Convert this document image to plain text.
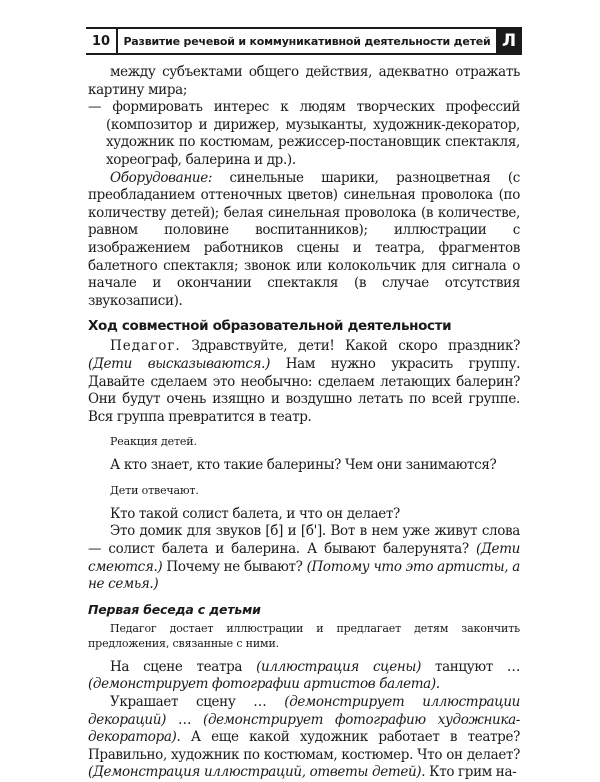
10	Развитие речевой и коммуникативной деятельности детей Л

между субъектами общего действия, адекватно отражать картину мира;

— формировать интерес к людям творческих профессий (композитор и дирижер, музыканты, художник-декоратор, художник по костюмам, режиссер-постановщик спектакля, хореограф, балерина и др.).

Оборудование: синельные шарики, разноцветная (с преобладанием оттеночных цветов) синельная проволока (по количеству детей); белая синельная проволока (в количестве, равном половине воспитанников); иллюстрации с изображением работников сцены и театра, фрагментов балетного спектакля; звонок или колокольчик для сигнала о начале и окончании спектакля (в случае отсутствия звукозаписи).

Ход совместной образовательной деятельности

Педагог. Здравствуйте, дети! Какой скоро праздник? (Дети высказываются.) Нам нужно украсить группу. Давайте сделаем это необычно: сделаем летающих балерин? Они будут очень изящно и воздушно летать по всей группе. Вся группа превратится в театр.

Реакция детей.

А кто знает, кто такие балерины? Чем они занимаются?

Дети отвечают.

Кто такой солист балета, и что он делает?

Это домик для звуков [б] и [б']. Вот в нем уже живут слова — солист балета и балерина. А бывают балерунята? (Дети смеются.) Почему не бывают? (Потому что это артисты, а не семья.)

Первая беседа с детьми

Педагог достает иллюстрации и предлагает детям закончить предложения, связанные с ними.

На сцене театра (иллюстрация сцены) танцуют … (демонстрирует фотографии артистов балета).

Украшает сцену … (демонстрирует иллюстрации декораций) … (демонстрирует фотографию художника-декоратора). А еще какой художник работает в театре? Правильно, художник по костюмам, костюмер. Что он делает? (Демонстрация иллюстраций, ответы детей). Кто грим на-
